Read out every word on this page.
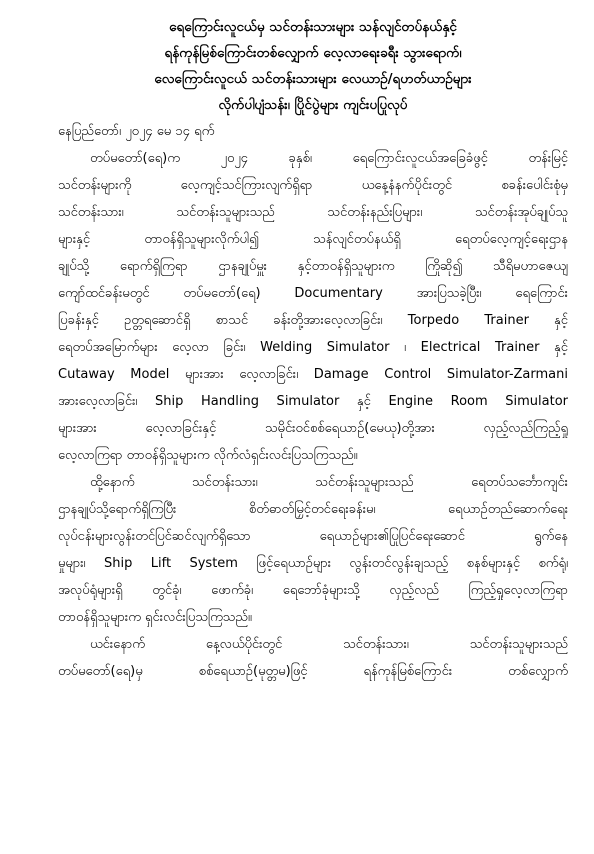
ရေကြောင်းလူငယ်မှ သင်တန်းသားများ သန်လျင်တပ်နယ်နှင့်
ရန်ကုန်မြစ်ကြောင်းတစ်လျှောက် လေ့လာရေးခရီး သွားရောက်၊
လေကြောင်းလူငယ် သင်တန်းသားများ လေယာဉ်/ရဟတ်ယာဉ်များ
လိုက်ပါပျံသန်း၊ ပြိုင်ပွဲများ ကျင်းပပြုလုပ်

နေပြည်တော်၊ ၂၀၂၄ မေ ၁၄ ရက်

တပ်မတော်(ရေ)က ၂၀၂၄ ခုနှစ်၊ ရေကြောင်းလူငယ်အခြေခံဖွင့် တန်းမြင့်
သင်တန်းများကို လေ့ကျင့်သင်ကြားလျက်ရှိရာ ယနေ့နံနက်ပိုင်းတွင် စခန်းပေါင်းစုံမှ
သင်တန်းသား၊ သင်တန်းသူများသည် သင်တန်းနည်းပြများ၊ သင်တန်းအုပ်ချုပ်သူ
များနှင့် တာဝန်ရှိသူများလိုက်ပါ၍ သန်လျင်တပ်နယ်ရှိ ရေတပ်လေ့ကျင့်ရေးဌာန
ချုပ်သို့ ရောက်ရှိကြရာ ဌာနချုပ်မှူး နှင့်တာဝန်ရှိသူများက ကြိုဆို၍ သီရိမဟာဇေယျ
ကျော်ထင်ခန်းမတွင် တပ်မတော်(ရေ) Documentary အားပြသခဲ့ပြီး၊ ရေကြောင်း
ပြခန်းနှင့် ဥတ္တရဆောင်ရှိ စာသင် ခန်းတို့အားလေ့လာခြင်း၊ Torpedo Trainer နှင့်
ရေတပ်အမြောက်များ လေ့လာ ခြင်း၊ Welding Simulator ၊ Electrical Trainer နှင့်
Cutaway Model များအား လေ့လာခြင်း၊ Damage Control Simulator-Zarmani
အားလေ့လာခြင်း၊ Ship Handling Simulator နှင့် Engine Room Simulator
များအား လေ့လာခြင်းနှင့် သမိုင်းဝင်စစ်ရေယာဉ်(မေယု)တို့အား လှည့်လည်ကြည့်ရှု
လေ့လာကြရာ တာဝန်ရှိသူများက လိုက်လံရှင်းလင်းပြသကြသည်။
ထို့နောက် သင်တန်းသား၊ သင်တန်းသူများသည် ရေတပ်သင်္ဘောကျင်း
ဌာနချုပ်သို့ရောက်ရှိကြပြီး စိတ်ဓာတ်မြှင့်တင်ရေးခန်းမ၊ ရေယာဉ်တည်ဆောက်ရေး
လုပ်ငန်းများလွန်းတင်ပြင်ဆင်လျက်ရှိသော ရေယာဉ်များ၏ပြုပြင်ရေးဆောင် ရွက်နေ
မှုများ၊ Ship Lift System ဖြင့်ရေယာဉ်များ လွန်းတင်လွန်းချသည့် စနစ်များနှင့် စက်ရုံ၊
အလုပ်ရုံများရှိ တွင်ခုံ၊ ဖောက်ခုံ၊ ရေဘော်ခုံများသို့ လှည့်လည် ကြည့်ရှုလေ့လာကြရာ
တာဝန်ရှိသူများက ရှင်းလင်းပြသကြသည်။
ယင်းနောက် နေ့လယ်ပိုင်းတွင် သင်တန်းသား၊ သင်တန်းသူများသည်
တပ်မတော်(ရေ)မှ စစ်ရေယာဉ်(မုတ္တမ)ဖြင့် ရန်ကုန်မြစ်ကြောင်း တစ်လျှောက်
